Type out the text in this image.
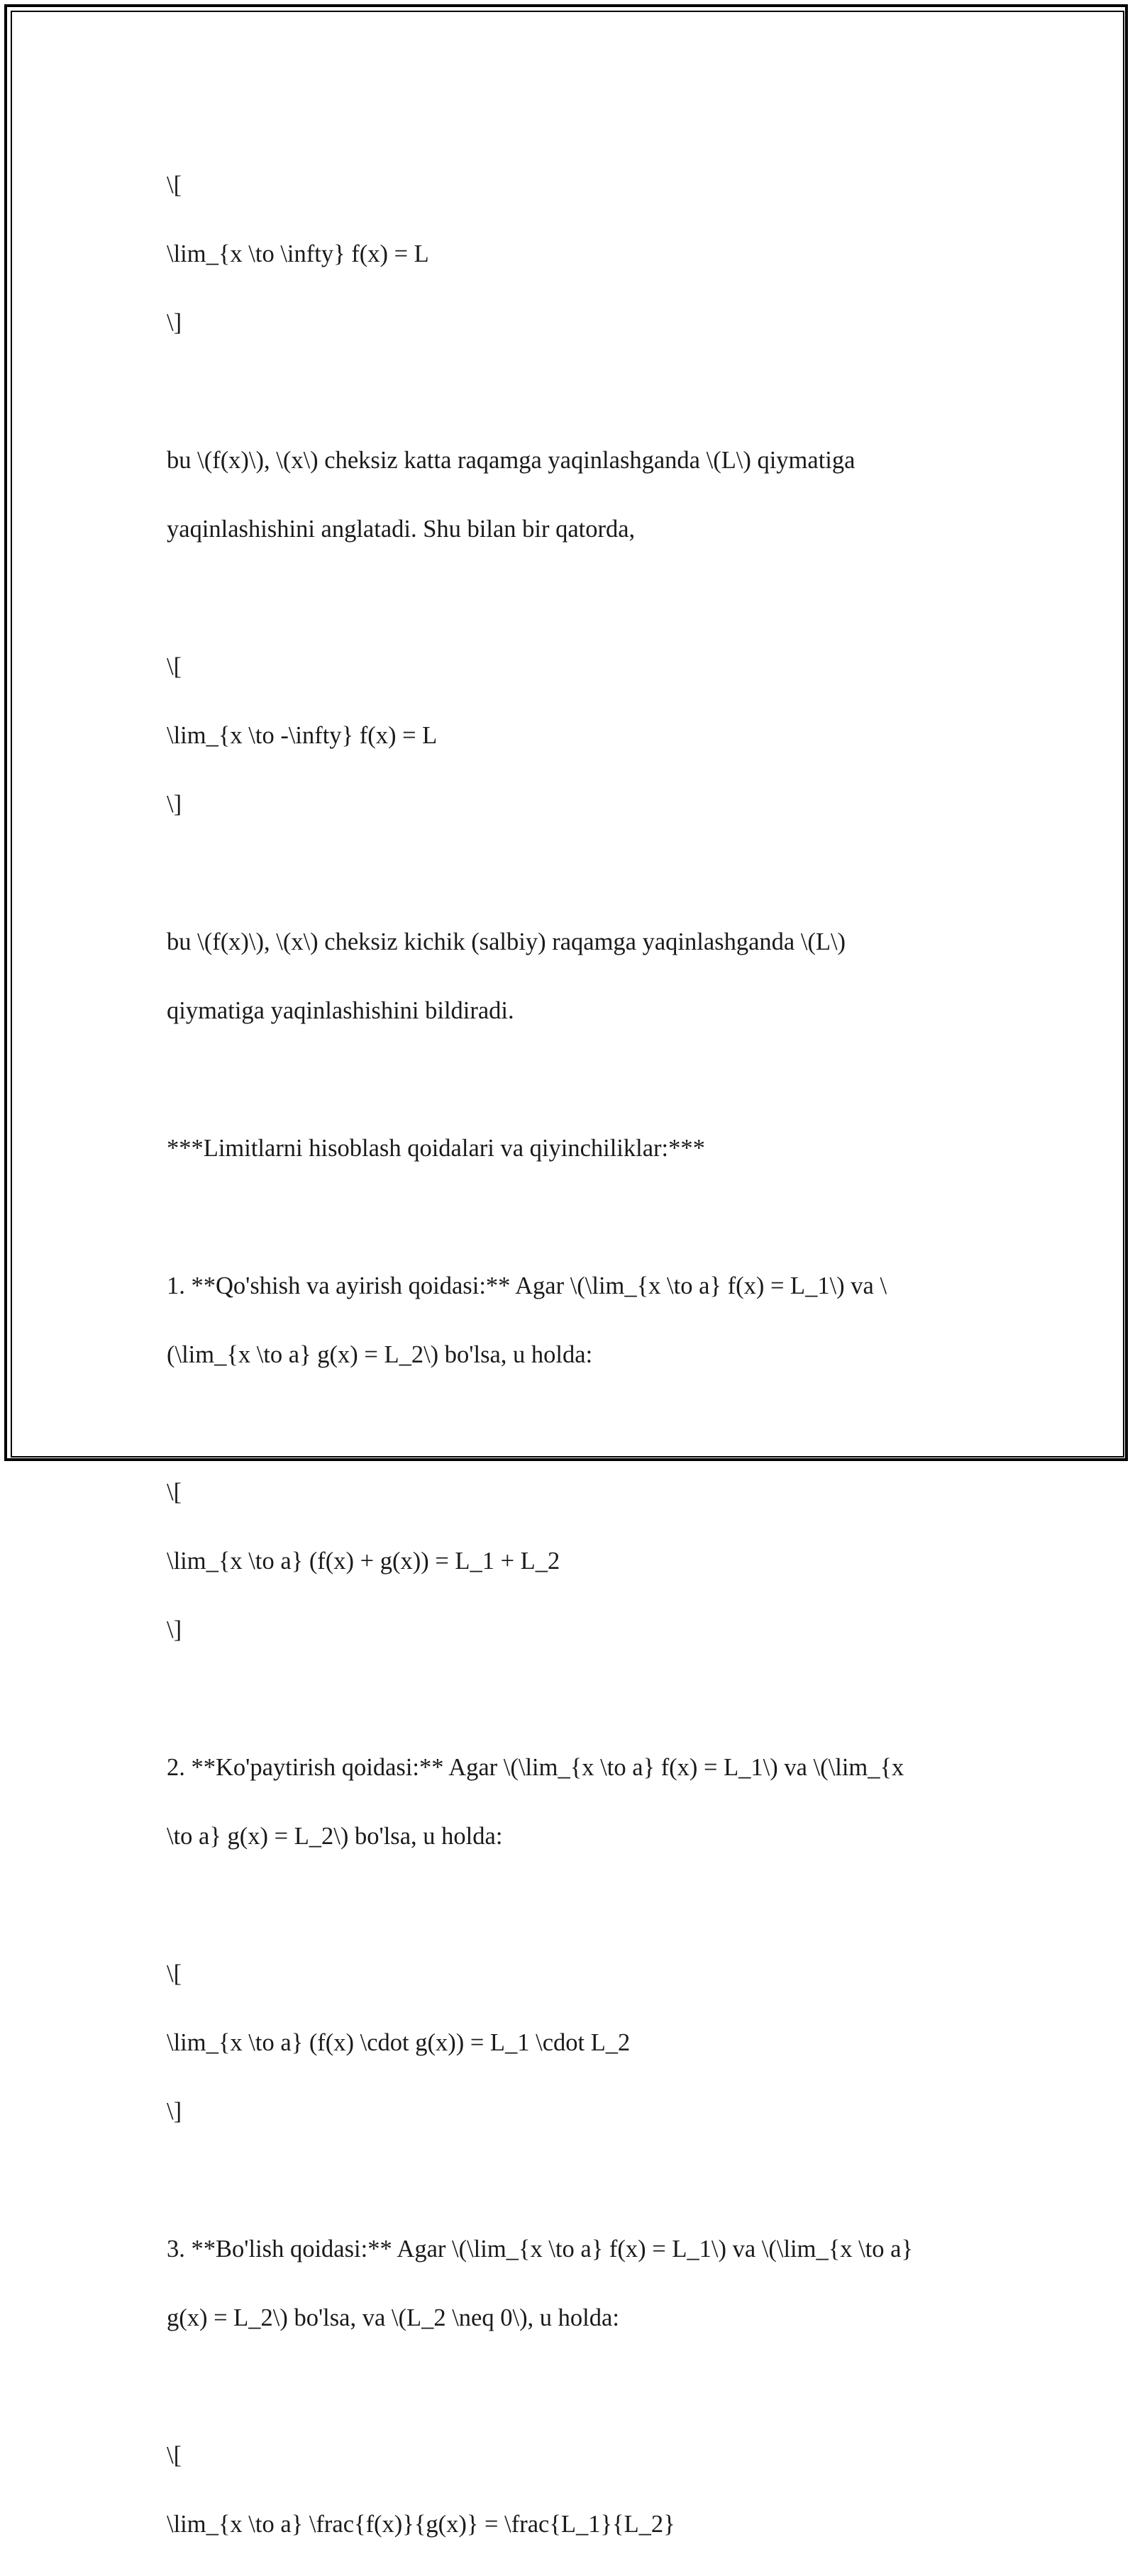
\[

\lim_{x \to \infty} f(x) = L

\]

bu \(f(x)\), \(x\) cheksiz katta raqamga yaqinlashganda \(L\) qiymatiga

yaqinlashishini anglatadi. Shu bilan bir qatorda,

\[

\lim_{x \to -\infty} f(x) = L

\]

bu \(f(x)\), \(x\) cheksiz kichik (salbiy) raqamga yaqinlashganda \(L\)

qiymatiga yaqinlashishini bildiradi.

***Limitlarni hisoblash qoidalari va qiyinchiliklar:***

1. **Qo'shish va ayirish qoidasi:** Agar \(\lim_{x \to a} f(x) = L_1\) va \

(\lim_{x \to a} g(x) = L_2\) bo'lsa, u holda:

\[

\lim_{x \to a} (f(x) + g(x)) = L_1 + L_2

\]

2. **Ko'paytirish qoidasi:** Agar \(\lim_{x \to a} f(x) = L_1\) va \(\lim_{x

\to a} g(x) = L_2\) bo'lsa, u holda:

\[

\lim_{x \to a} (f(x) \cdot g(x)) = L_1 \cdot L_2

\]

3. **Bo'lish qoidasi:** Agar \(\lim_{x \to a} f(x) = L_1\) va \(\lim_{x \to a}

g(x) = L_2\) bo'lsa, va \(L_2 \neq 0\), u holda:

\[

\lim_{x \to a} \frac{f(x)}{g(x)} = \frac{L_1}{L_2}
